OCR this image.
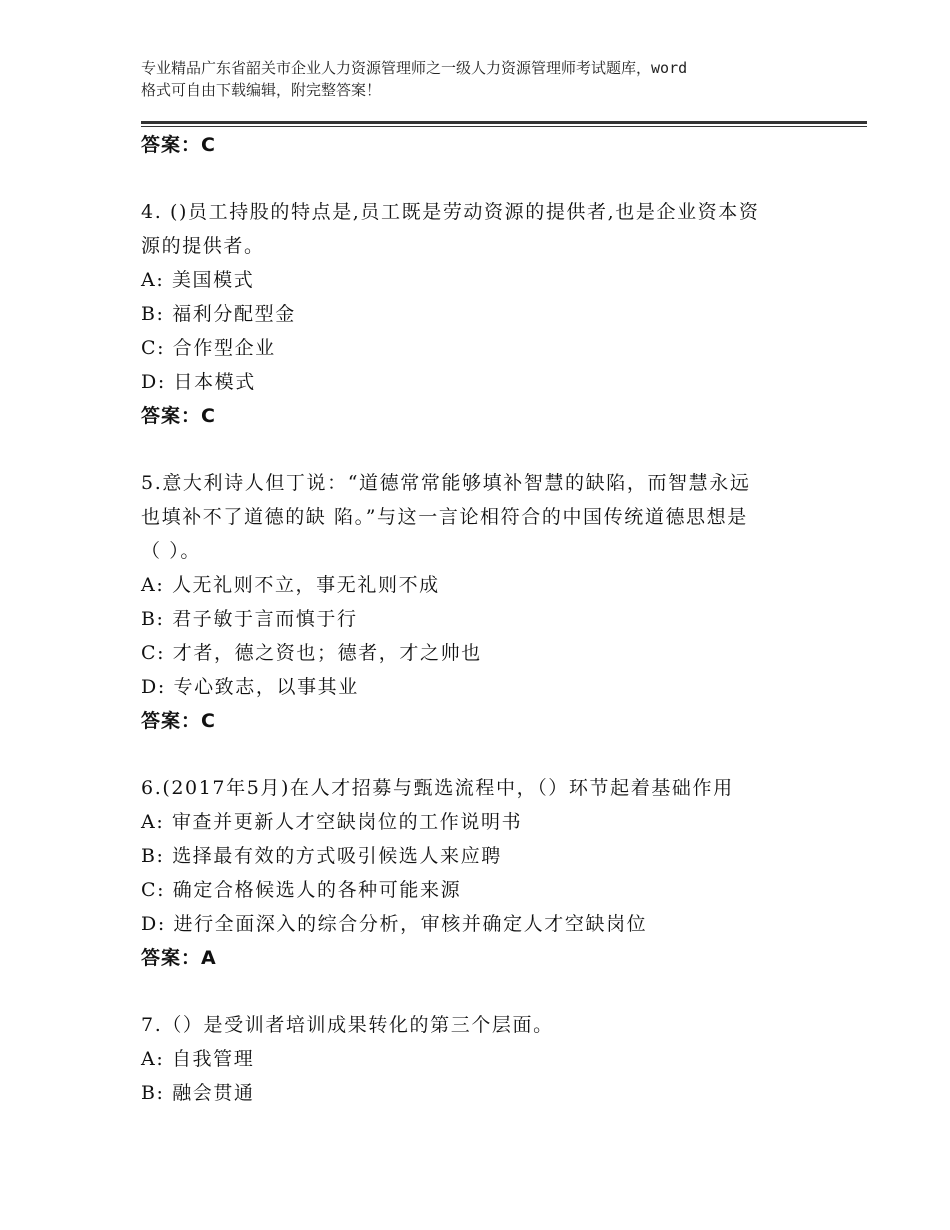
专业精品广东省韶关市企业人力资源管理师之一级人力资源管理师考试题库，word
格式可自由下载编辑，附完整答案！
答案：C
4. ()员工持股的特点是,员工既是劳动资源的提供者,也是企业资本资
源的提供者。
A: 美国模式
B: 福利分配型金
C: 合作型企业
D: 日本模式
答案：C
5.意大利诗人但丁说：“道德常常能够填补智慧的缺陷，而智慧永远
也填补不了道德的缺 陷。”与这一言论相符合的中国传统道德思想是
（ ）。
A: 人无礼则不立，事无礼则不成
B: 君子敏于言而慎于行
C: 才者，德之资也；德者，才之帅也
D: 专心致志，以事其业
答案：C
6.(2017年5月)在人才招募与甄选流程中，（）环节起着基础作用
A: 审查并更新人才空缺岗位的工作说明书
B: 选择最有效的方式吸引候选人来应聘
C: 确定合格候选人的各种可能来源
D: 进行全面深入的综合分析，审核并确定人才空缺岗位
答案：A
7.（）是受训者培训成果转化的第三个层面。
A: 自我管理
B: 融会贯通
